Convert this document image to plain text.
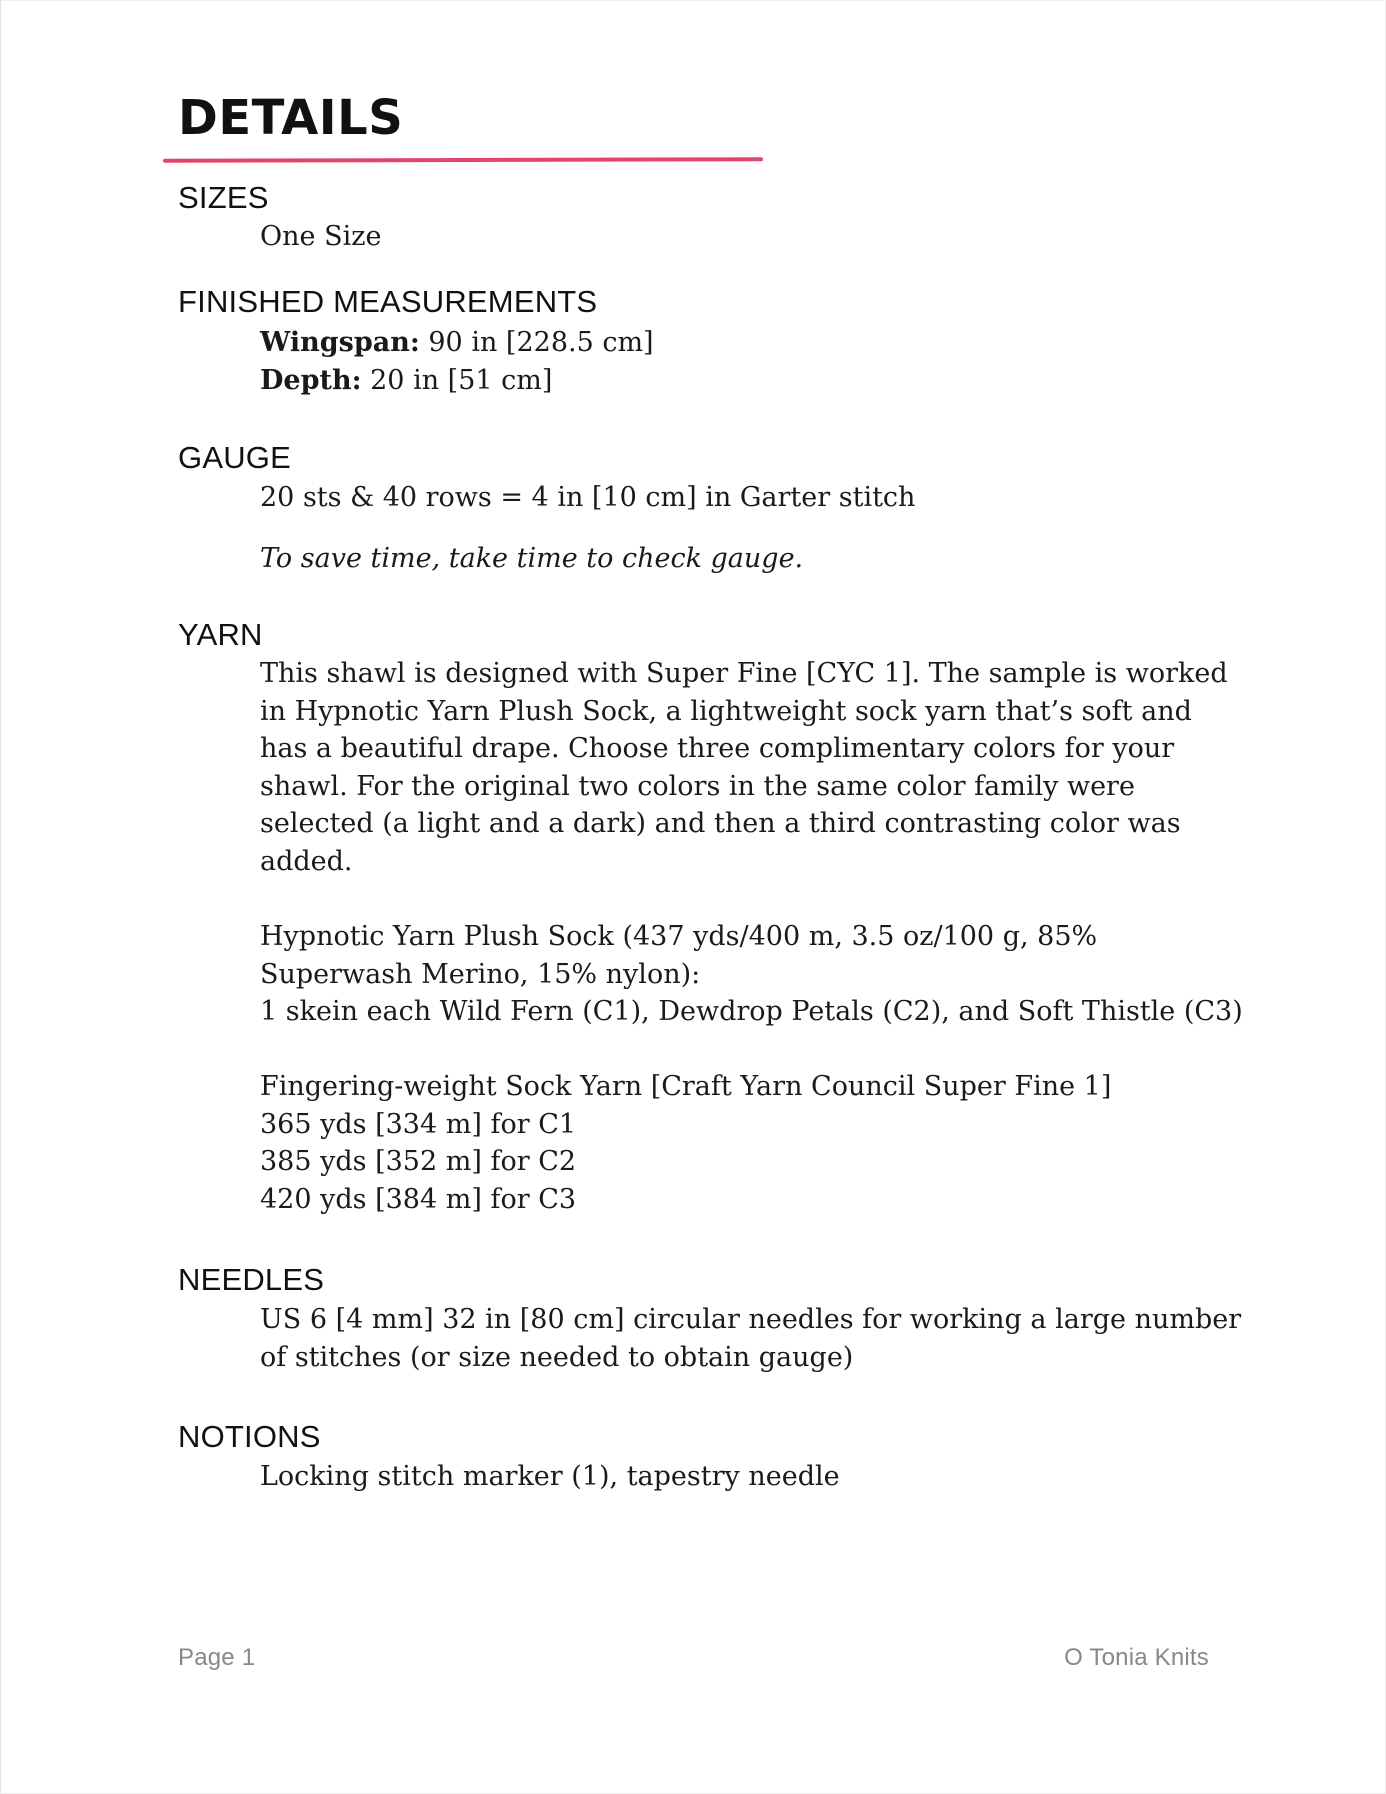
DETAILS
SIZES

One Size

FINISHED MEASUREMENTS

Wingspan: 90 in [228.5 cm]
Depth: 20 in [51 cm]

GAUGE

20 sts & 40 rows = 4 in [10 cm] in Garter stitch

To save time, take time to check gauge.

YARN

This shawl is designed with Super Fine [CYC 1]. The sample is worked
in Hypnotic Yarn Plush Sock, a lightweight sock yarn that’s soft and
has a beautiful drape. Choose three complimentary colors for your
shawl. For the original two colors in the same color family were
selected (a light and a dark) and then a third contrasting color was
added.

Hypnotic Yarn Plush Sock (437 yds/400 m, 3.5 oz/100 g, 85%
Superwash Merino, 15% nylon):
1 skein each Wild Fern (C1), Dewdrop Petals (C2), and Soft Thistle (C3)

Fingering-weight Sock Yarn [Craft Yarn Council Super Fine 1]
365 yds [334 m] for C1
385 yds [352 m] for C2
420 yds [384 m] for C3

NEEDLES

US 6 [4 mm] 32 in [80 cm] circular needles for working a large number
of stitches (or size needed to obtain gauge)

NOTIONS

Locking stitch marker (1), tapestry needle

Page 1	O Tonia Knits
